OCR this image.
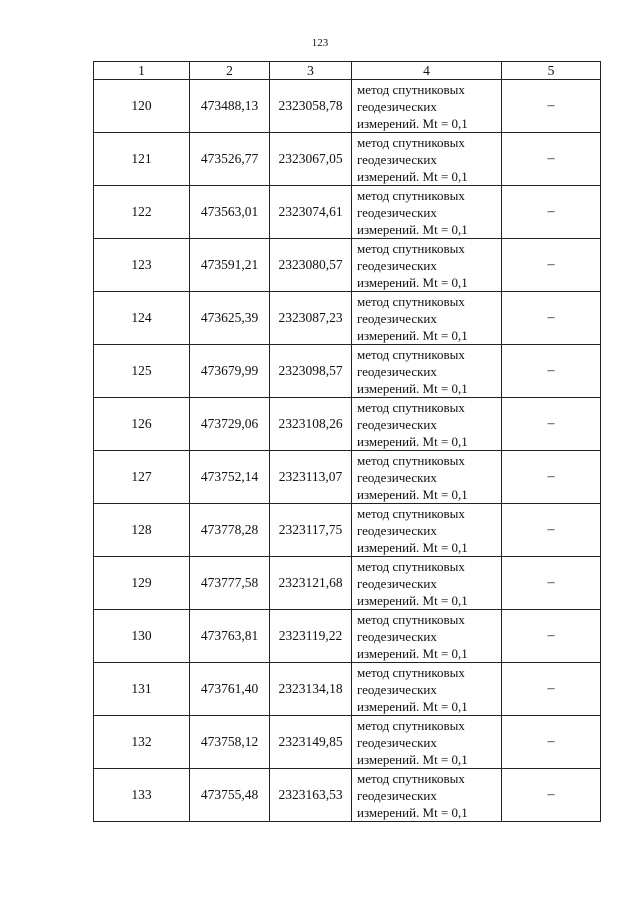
123
1	2	3	4	5
120	473488,13	2323058,78	метод спутниковых
геодезических
измерений. Mt = 0,1	–
121	473526,77	2323067,05	метод спутниковых
геодезических
измерений. Mt = 0,1	–
122	473563,01	2323074,61	метод спутниковых
геодезических
измерений. Mt = 0,1	–
123	473591,21	2323080,57	метод спутниковых
геодезических
измерений. Mt = 0,1	–
124	473625,39	2323087,23	метод спутниковых
геодезических
измерений. Mt = 0,1	–
125	473679,99	2323098,57	метод спутниковых
геодезических
измерений. Mt = 0,1	–
126	473729,06	2323108,26	метод спутниковых
геодезических
измерений. Mt = 0,1	–
127	473752,14	2323113,07	метод спутниковых
геодезических
измерений. Mt = 0,1	–
128	473778,28	2323117,75	метод спутниковых
геодезических
измерений. Mt = 0,1	–
129	473777,58	2323121,68	метод спутниковых
геодезических
измерений. Mt = 0,1	–
130	473763,81	2323119,22	метод спутниковых
геодезических
измерений. Mt = 0,1	–
131	473761,40	2323134,18	метод спутниковых
геодезических
измерений. Mt = 0,1	–
132	473758,12	2323149,85	метод спутниковых
геодезических
измерений. Mt = 0,1	–
133	473755,48	2323163,53	метод спутниковых
геодезических
измерений. Mt = 0,1	–
